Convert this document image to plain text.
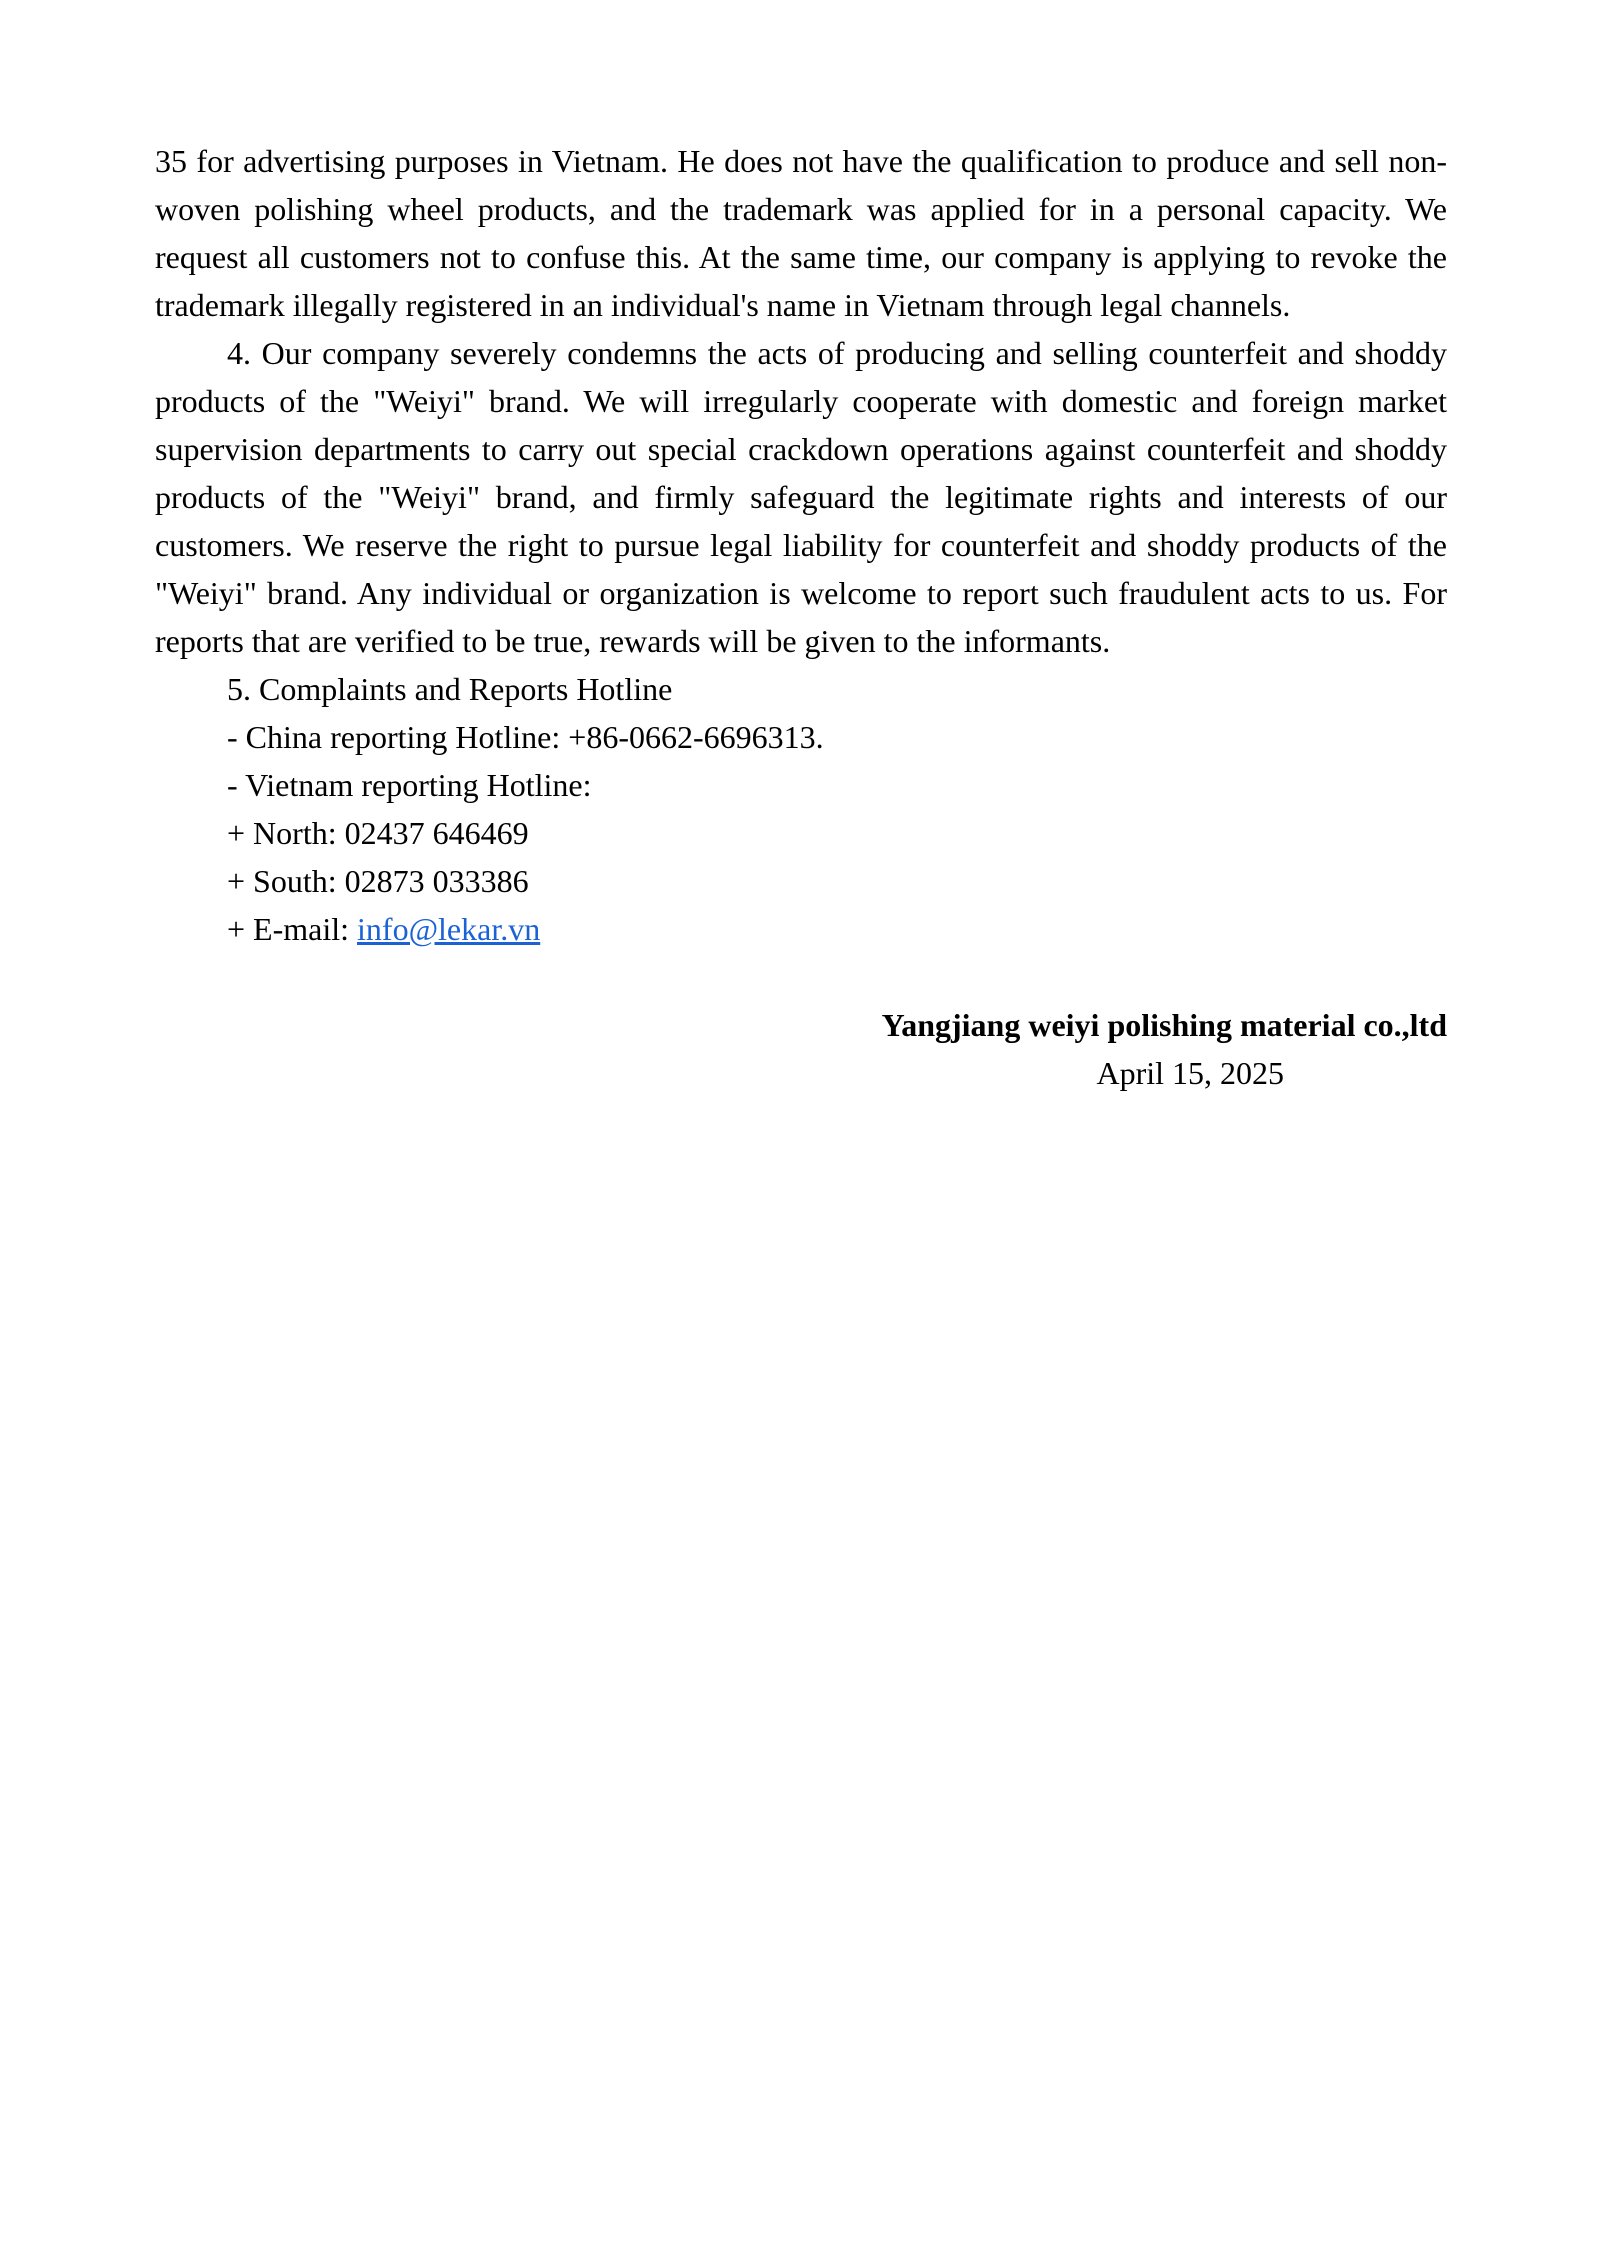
35 for advertising purposes in Vietnam. He does not have the qualification to produce and sell non-woven polishing wheel products, and the trademark was applied for in a personal capacity. We request all customers not to confuse this. At the same time, our company is applying to revoke the trademark illegally registered in an individual's name in Vietnam through legal channels.

4. Our company severely condemns the acts of producing and selling counterfeit and shoddy products of the "Weiyi" brand. We will irregularly cooperate with domestic and foreign market supervision departments to carry out special crackdown operations against counterfeit and shoddy products of the "Weiyi" brand, and firmly safeguard the legitimate rights and interests of our customers. We reserve the right to pursue legal liability for counterfeit and shoddy products of the "Weiyi" brand. Any individual or organization is welcome to report such fraudulent acts to us. For reports that are verified to be true, rewards will be given to the informants.

5. Complaints and Reports Hotline

- China reporting Hotline: +86-0662-6696313.

- Vietnam reporting Hotline:

+ North: 02437 646469

+ South: 02873 033386

+ E-mail: info@lekar.vn

Yangjiang weiyi polishing material co.,ltd

April 15, 2025
